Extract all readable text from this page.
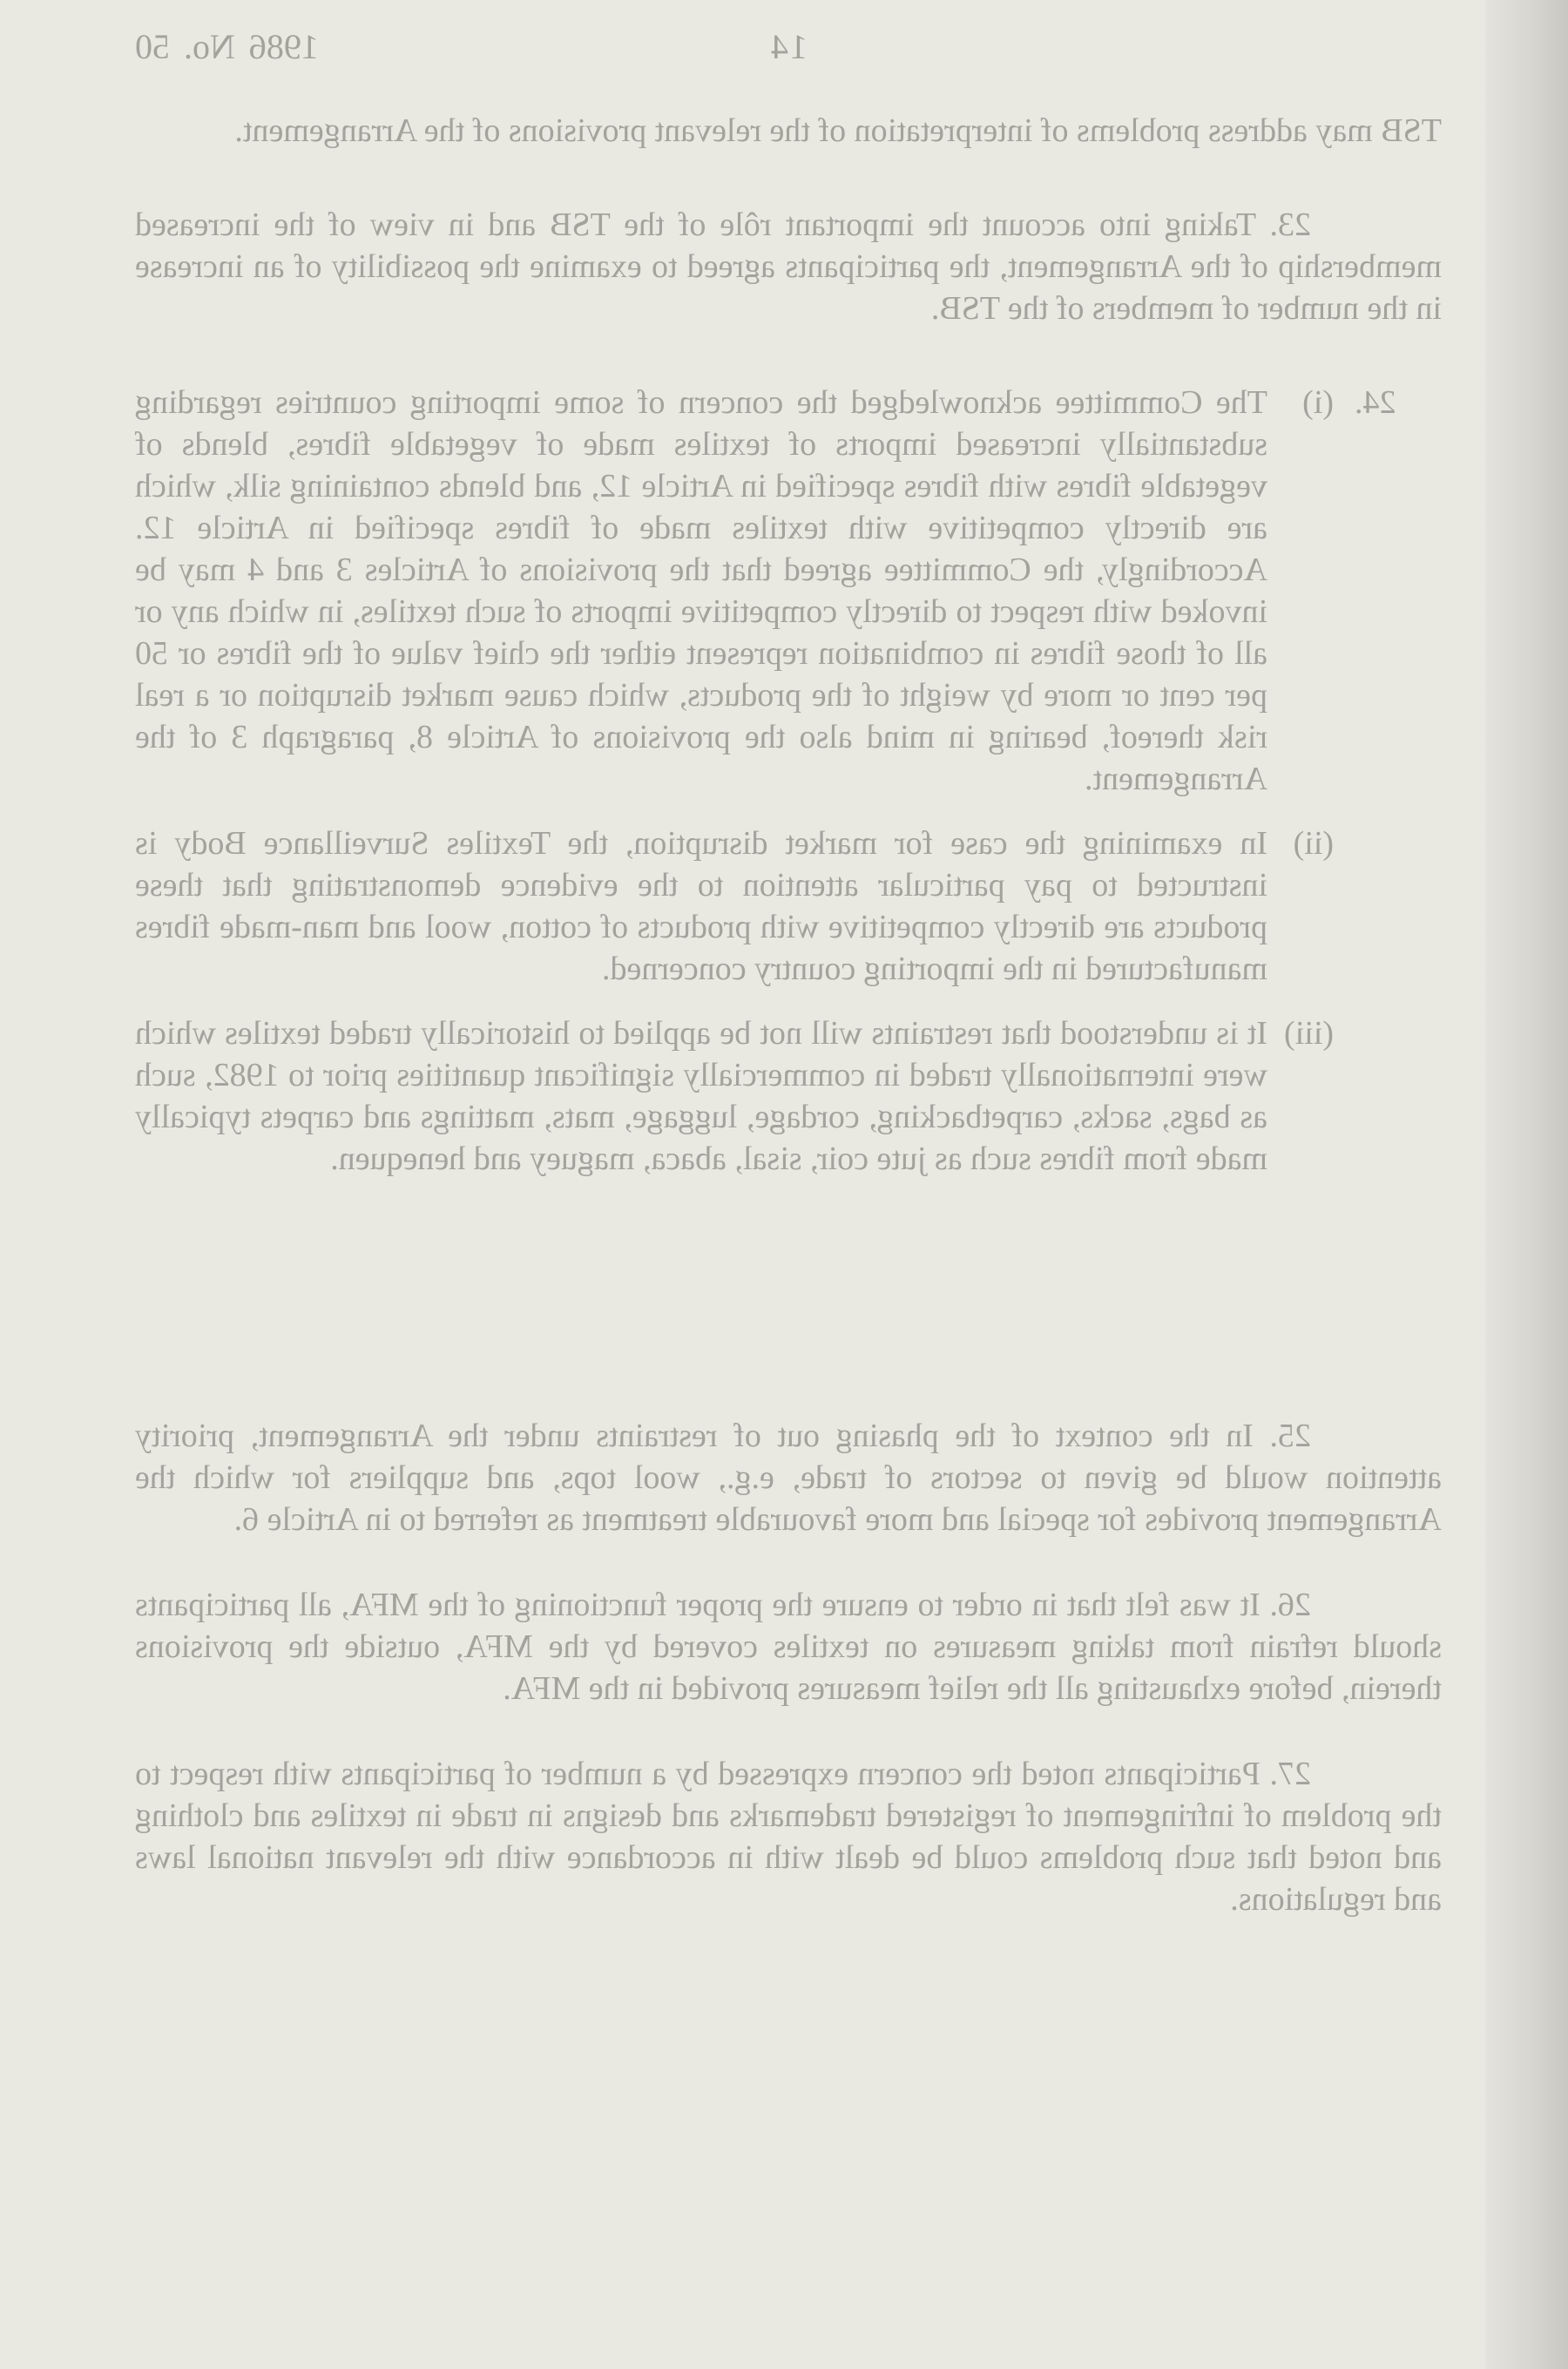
14
1986 No. 50

TSB may address problems of interpretation of the relevant provisions of the Arrangement.

23. Taking into account the important rôle of the TSB and in view of the increased membership of the Arrangement, the participants agreed to examine the possibility of an increase in the number of members of the TSB.

24.
(i)
The Committee acknowledged the concern of some importing countries regarding substantially increased imports of textiles made of vegetable fibres, blends of vegetable fibres with fibres specified in Article 12, and blends containing silk, which are directly competitive with textiles made of fibres specified in Article 12. Accordingly, the Committee agreed that the provisions of Articles 3 and 4 may be invoked with respect to directly competitive imports of such textiles, in which any or all of those fibres in combination represent either the chief value of the fibres or 50 per cent or more by weight of the products, which cause market disruption or a real risk thereof, bearing in mind also the provisions of Article 8, paragraph 3 of the Arrangement.
(ii)
In examining the case for market disruption, the Textiles Surveillance Body is instructed to pay particular attention to the evidence demonstrating that these products are directly competitive with products of cotton, wool and man-made fibres manufactured in the importing country concerned.
(iii)
It is understood that restraints will not be applied to historically traded textiles which were internationally traded in commercially significant quantities prior to 1982, such as bags, sacks, carpetbacking, cordage, luggage, mats, mattings and carpets typically made from fibres such as jute coir, sisal, abaca, maguey and henequen.

25. In the context of the phasing out of restraints under the Arrangement, priority attention would be given to sectors of trade, e.g., wool tops, and suppliers for which the Arrangement provides for special and more favourable treatment as referred to in Article 6.

26. It was felt that in order to ensure the proper functioning of the MFA, all participants should refrain from taking measures on textiles covered by the MFA, outside the provisions therein, before exhausting all the relief measures provided in the MFA.

27. Participants noted the concern expressed by a number of participants with respect to the problem of infringement of registered trademarks and designs in trade in textiles and clothing and noted that such problems could be dealt with in accordance with the relevant national laws and regulations.
